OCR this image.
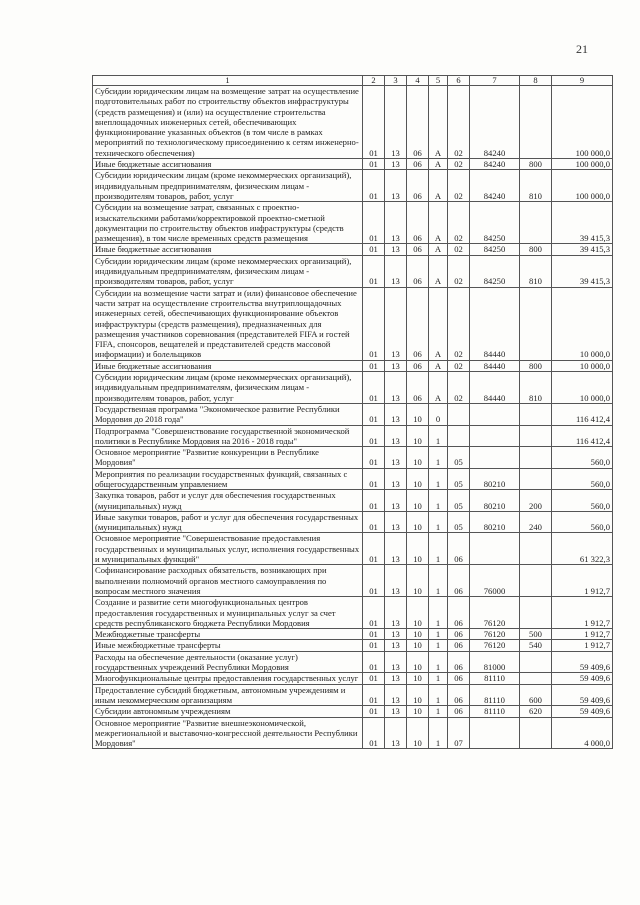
21
1	2	3	4	5	6	7	8	9
Субсидии юридическим лицам на возмещение затрат на осуществление подготовительных работ по строительству объектов инфраструктуры (средств размещения) и (или) на осуществление строительства внеплощадочных инженерных сетей, обеспечивающих функционирование указанных объектов (в том числе в рамках мероприятий по технологическому присоединению к сетям инженерно-технического обеспечения)	01	13	06	А	02	84240		100 000,0
Иные бюджетные ассигнования	01	13	06	А	02	84240	800	100 000,0
Субсидии юридическим лицам (кроме некоммерческих организаций), индивидуальным предпринимателям, физическим лицам - производителям товаров, работ, услуг	01	13	06	А	02	84240	810	100 000,0
Субсидии на возмещение затрат, связанных с проектно-изыскательскими работами/корректировкой проектно-сметной документации по строительству объектов инфраструктуры (средств размещения), в том числе временных средств размещения	01	13	06	А	02	84250		39 415,3
Иные бюджетные ассигнования	01	13	06	А	02	84250	800	39 415,3
Субсидии юридическим лицам (кроме некоммерческих организаций), индивидуальным предпринимателям, физическим лицам - производителям товаров, работ, услуг	01	13	06	А	02	84250	810	39 415,3
Субсидии на возмещение части затрат и (или) финансовое обеспечение части затрат на осуществление строительства внутриплощадочных инженерных сетей, обеспечивающих функционирование объектов инфраструктуры (средств размещения), предназначенных для размещения участников соревнования (представителей FIFA и гостей FIFA, спонсоров, вещателей и представителей средств массовой информации) и болельщиков	01	13	06	А	02	84440		10 000,0
Иные бюджетные ассигнования	01	13	06	А	02	84440	800	10 000,0
Субсидии юридическим лицам (кроме некоммерческих организаций), индивидуальным предпринимателям, физическим лицам - производителям товаров, работ, услуг	01	13	06	А	02	84440	810	10 000,0
Государственная программа "Экономическое развитие Республики Мордовия до 2018 года"	01	13	10	0				116 412,4
Подпрограмма "Совершенствование государственной экономической политики в Республике Мордовия на 2016 - 2018 годы"	01	13	10	1				116 412,4
Основное мероприятие "Развитие конкуренции в Республике Мордовия"	01	13	10	1	05			560,0
Мероприятия по реализации государственных функций, связанных с общегосударственным управлением	01	13	10	1	05	80210		560,0
Закупка товаров, работ и услуг для обеспечения государственных (муниципальных) нужд	01	13	10	1	05	80210	200	560,0
Иные закупки товаров, работ и услуг для обеспечения государственных (муниципальных) нужд	01	13	10	1	05	80210	240	560,0
Основное мероприятие "Совершенствование предоставления государственных и муниципальных услуг, исполнения государственных и муниципальных функций"	01	13	10	1	06			61 322,3
Софинансирование расходных обязательств, возникающих при выполнении полномочий органов местного самоуправления по вопросам местного значения	01	13	10	1	06	76000		1 912,7
Создание и развитие сети многофункциональных центров предоставления государственных и муниципальных услуг за счет средств республиканского бюджета Республики Мордовия	01	13	10	1	06	76120		1 912,7
Межбюджетные трансферты	01	13	10	1	06	76120	500	1 912,7
Иные межбюджетные трансферты	01	13	10	1	06	76120	540	1 912,7
Расходы на обеспечение деятельности (оказание услуг) государственных учреждений Республики Мордовия	01	13	10	1	06	81000		59 409,6
Многофункциональные центры предоставления государственных услуг	01	13	10	1	06	81110		59 409,6
Предоставление субсидий бюджетным, автономным учреждениям и иным некоммерческим организациям	01	13	10	1	06	81110	600	59 409,6
Субсидии автономным учреждениям	01	13	10	1	06	81110	620	59 409,6
Основное мероприятие "Развитие внешнеэкономической, межрегиональной и выставочно-конгрессной деятельности Республики Мордовия"	01	13	10	1	07			4 000,0
